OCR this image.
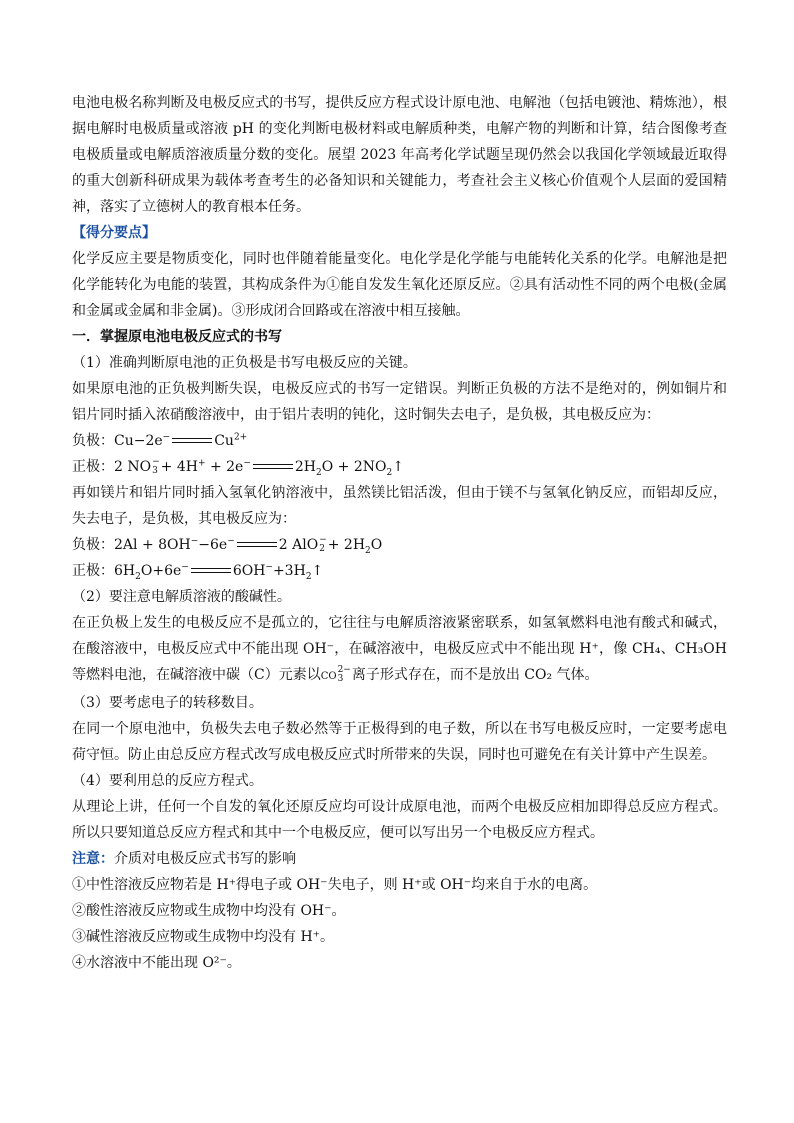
电池电极名称判断及电极反应式的书写，提供反应方程式设计原电池、电解池（包括电镀池、精炼池），根据电解时电极质量或溶液 pH 的变化判断电极材料或电解质种类，电解产物的判断和计算，结合图像考查电极质量或电解质溶液质量分数的变化。展望 2023 年高考化学试题呈现仍然会以我国化学领域最近取得的重大创新科研成果为载体考查考生的必备知识和关键能力，考查社会主义核心价值观个人层面的爱国精神，落实了立德树人的教育根本任务。

【得分要点】

化学反应主要是物质变化，同时也伴随着能量变化。电化学是化学能与电能转化关系的化学。电解池是把化学能转化为电能的装置，其构成条件为①能自发发生氧化还原反应。②具有活动性不同的两个电极(金属和金属或金属和非金属)。③形成闭合回路或在溶液中相互接触。

一．掌握原电池电极反应式的书写

（1）准确判断原电池的正负极是书写电极反应的关键。

如果原电池的正负极判断失误，电极反应式的书写一定错误。判断正负极的方法不是绝对的，例如铜片和铝片同时插入浓硝酸溶液中，由于铝片表明的钝化，这时铜失去电子，是负极，其电极反应为：

负极：Cu−2e−	$Cu^{2+}$

正极：2 NO −
3 + 4H+ + 2e−	$2H_2O$ + $2NO_2↑$

再如镁片和铝片同时插入氢氧化钠溶液中，虽然镁比铝活泼，但由于镁不与氢氧化钠反应，而铝却反应，失去电子，是负极，其电极反应为：

负极：2Al + 8OH−−6e−	2 AlO −
$2 + 2H_2O$

正极：$6H_2O+6e^-$	$6OH^-+3H_2↑$

（2）要注意电解质溶液的酸碱性。

在正负极上发生的电极反应不是孤立的，它往往与电解质溶液紧密联系，如氢氧燃料电池有酸式和碱式，在酸溶液中，电极反应式中不能出现 OH⁻，在碱溶液中，电极反应式中不能出现 H⁺，像 CH₄、CH₃OH 等燃料电池，在碱溶液中碳（C）元素以CO
2−
3 离子形式存在，而不是放出 CO₂ 气体。

（3）要考虑电子的转移数目。

在同一个原电池中，负极失去电子数必然等于正极得到的电子数，所以在书写电极反应时，一定要考虑电荷守恒。防止由总反应方程式改写成电极反应式时所带来的失误，同时也可避免在有关计算中产生误差。

（4）要利用总的反应方程式。

从理论上讲，任何一个自发的氧化还原反应均可设计成原电池，而两个电极反应相加即得总反应方程式。所以只要知道总反应方程式和其中一个电极反应，便可以写出另一个电极反应方程式。

注意：介质对电极反应式书写的影响

①中性溶液反应物若是 H⁺得电子或 OH⁻失电子，则 H⁺或 OH⁻均来自于水的电离。

②酸性溶液反应物或生成物中均没有 OH⁻。

③碱性溶液反应物或生成物中均没有 H⁺。

④水溶液中不能出现 O²⁻。
